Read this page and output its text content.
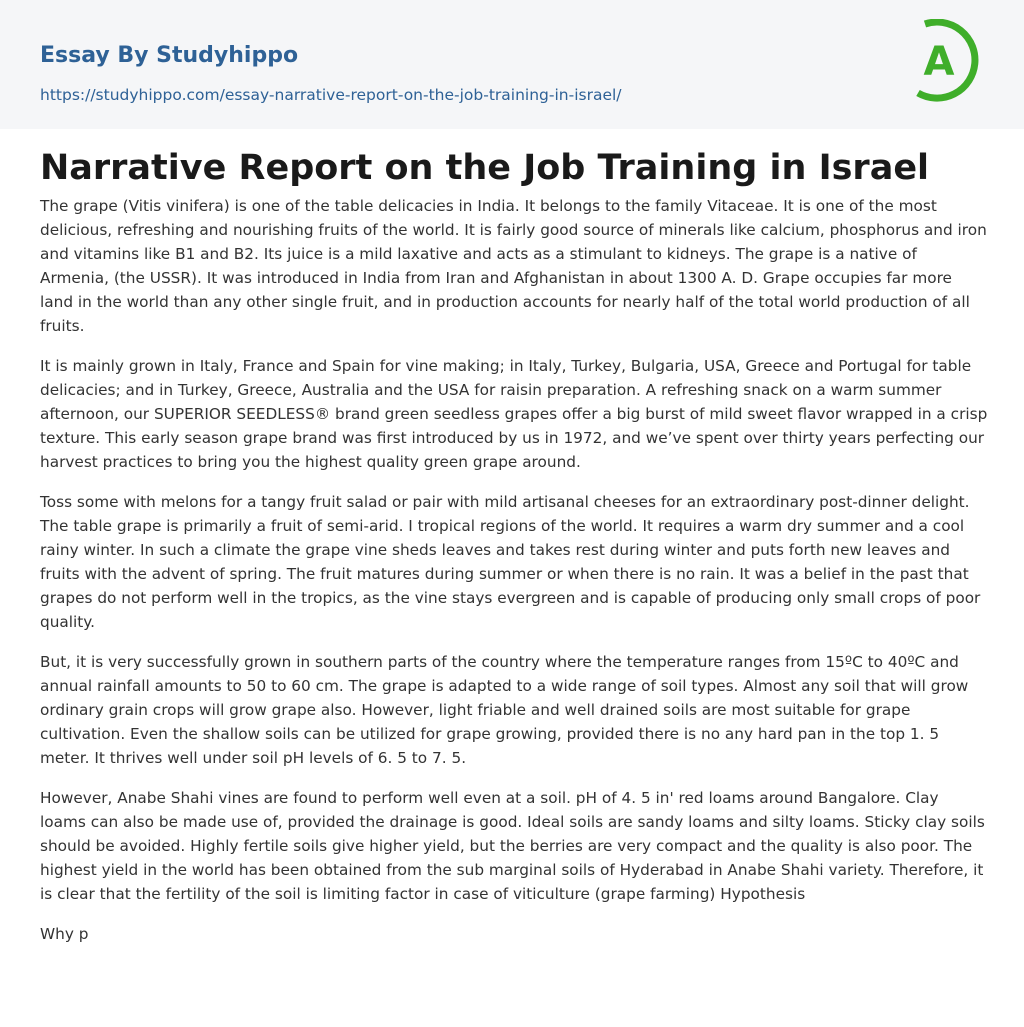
Essay By Studyhippo
https://studyhippo.com/essay-narrative-report-on-the-job-training-in-israel/
A
Narrative Report on the Job Training in Israel

The grape (Vitis vinifera) is one of the table delicacies in India. It belongs to the family Vitaceae. It is one of the most delicious, refreshing and nourishing fruits of the world. It is fairly good source of minerals like calcium, phosphorus and iron and vitamins like B1 and B2. Its juice is a mild laxative and acts as a stimulant to kidneys. The grape is a native of Armenia, (the USSR). It was introduced in India from Iran and Afghanistan in about 1300 A. D. Grape occupies far more land in the world than any other single fruit, and in production accounts for nearly half of the total world production of all fruits.

It is mainly grown in Italy, France and Spain for vine making; in Italy, Turkey, Bulgaria, USA, Greece and Portugal for table delicacies; and in Turkey, Greece, Australia and the USA for raisin preparation. A refreshing snack on a warm summer afternoon, our SUPERIOR SEEDLESS® brand green seedless grapes offer a big burst of mild sweet flavor wrapped in a crisp texture. This early season grape brand was first introduced by us in 1972, and we’ve spent over thirty years perfecting our harvest practices to bring you the highest quality green grape around.

Toss some with melons for a tangy fruit salad or pair with mild artisanal cheeses for an extraordinary post-dinner delight. The table grape is primarily a fruit of semi-arid. I tropical regions of the world. It requires a warm dry summer and a cool rainy winter. In such a climate the grape vine sheds leaves and takes rest during winter and puts forth new leaves and fruits with the advent of spring. The fruit matures during summer or when there is no rain. It was a belief in the past that grapes do not perform well in the tropics, as the vine stays evergreen and is capable of producing only small crops of poor quality.

But, it is very successfully grown in southern parts of the country where the temperature ranges from 15ºC to 40ºC and annual rainfall amounts to 50 to 60 cm. The grape is adapted to a wide range of soil types. Almost any soil that will grow ordinary grain crops will grow grape also. However, light friable and well drained soils are most suitable for grape cultivation. Even the shallow soils can be utilized for grape growing, provided there is no any hard pan in the top 1. 5 meter. It thrives well under soil pH levels of 6. 5 to 7. 5.

However, Anabe Shahi vines are found to perform well even at a soil. pH of 4. 5 in' red loams around Bangalore. Clay loams can also be made use of, provided the drainage is good. Ideal soils are sandy loams and silty loams. Sticky clay soils should be avoided. Highly fertile soils give higher yield, but the berries are very compact and the quality is also poor. The highest yield in the world has been obtained from the sub marginal soils of Hyderabad in Anabe Shahi variety. Therefore, it is clear that the fertility of the soil is limiting factor in case of viticulture (grape farming) Hypothesis

Why p
